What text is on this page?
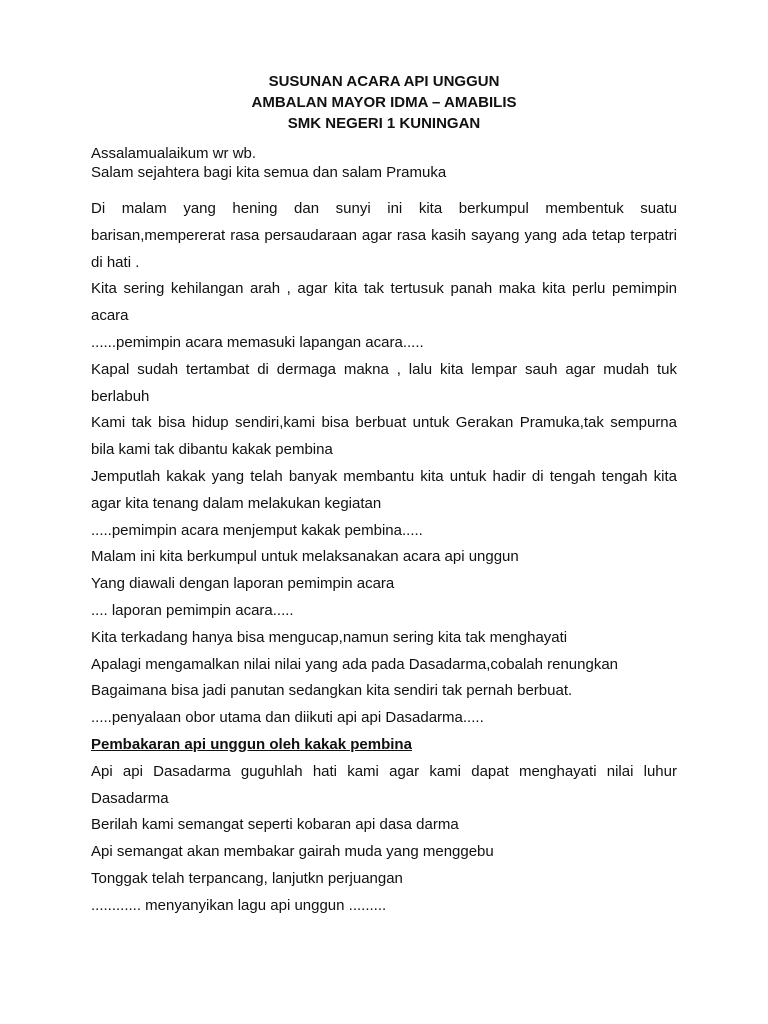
SUSUNAN ACARA API UNGGUN
AMBALAN MAYOR IDMA – AMABILIS
SMK NEGERI 1 KUNINGAN
Assalamualaikum wr wb.
Salam sejahtera bagi kita semua dan salam Pramuka

Di malam yang hening dan sunyi ini kita berkumpul membentuk suatu barisan,mempererat rasa persaudaraan agar rasa kasih sayang yang ada tetap terpatri di hati .

Kita sering kehilangan arah , agar kita tak tertusuk panah maka kita perlu pemimpin acara

......pemimpin acara memasuki lapangan acara.....

Kapal sudah tertambat di dermaga makna , lalu kita lempar sauh agar mudah tuk berlabuh

Kami tak bisa hidup sendiri,kami bisa berbuat untuk Gerakan Pramuka,tak sempurna bila kami tak dibantu kakak pembina

Jemputlah kakak yang telah banyak membantu kita untuk hadir di tengah tengah kita agar kita tenang dalam melakukan kegiatan

.....pemimpin acara menjemput kakak pembina.....

Malam ini kita berkumpul untuk melaksanakan acara api unggun

Yang diawali dengan laporan pemimpin acara

.... laporan pemimpin acara.....

Kita terkadang hanya bisa mengucap,namun sering kita tak menghayati

Apalagi mengamalkan nilai nilai yang ada pada Dasadarma,cobalah renungkan

Bagaimana bisa jadi panutan sedangkan kita sendiri tak pernah berbuat.

.....penyalaan obor utama dan diikuti api api Dasadarma.....

Pembakaran api unggun oleh kakak pembina

Api api Dasadarma guguhlah hati kami agar kami dapat menghayati nilai luhur Dasadarma

Berilah kami semangat seperti kobaran api dasa darma

Api semangat akan membakar gairah muda yang menggebu

Tonggak telah terpancang, lanjutkn perjuangan

............ menyanyikan lagu api unggun .........
